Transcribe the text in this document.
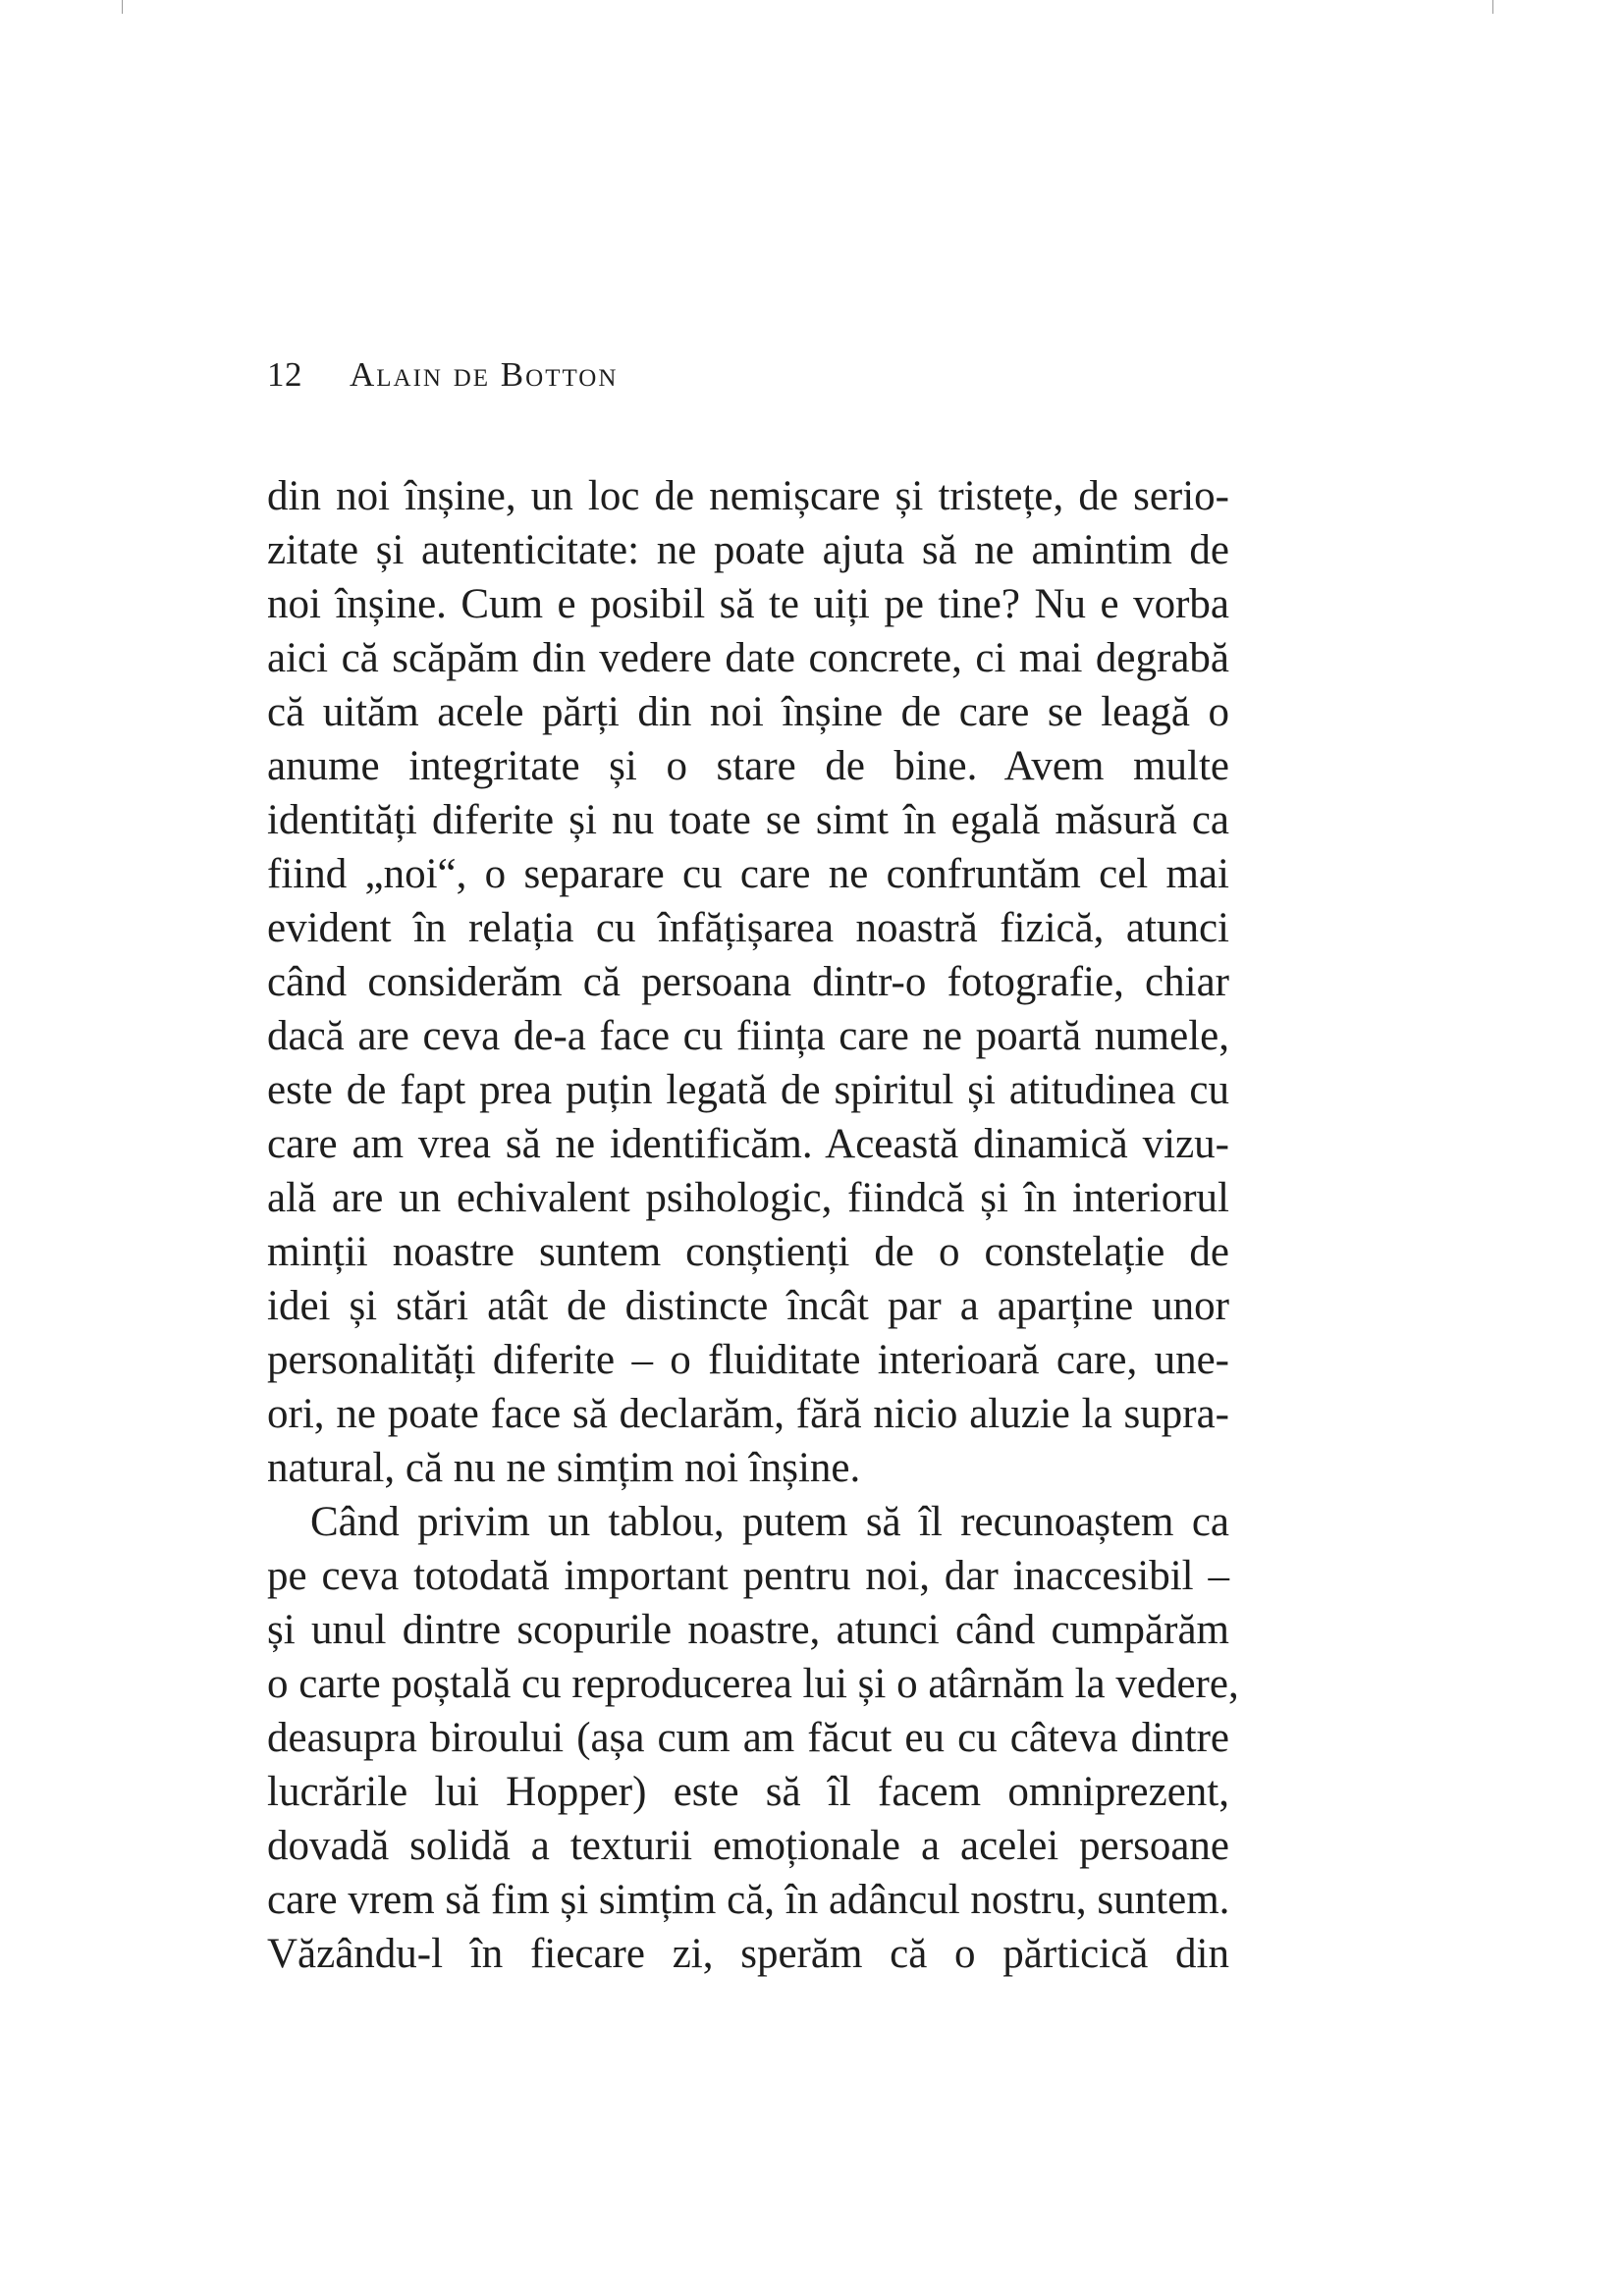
12 Alain de Botton
din noi înșine, un loc de nemișcare și tristețe, de serio-
zitate și autenticitate: ne poate ajuta să ne amintim de
noi înșine. Cum e posibil să te uiți pe tine? Nu e vorba
aici că scăpăm din vedere date concrete, ci mai degrabă
că uităm acele părți din noi înșine de care se leagă o
anume integritate și o stare de bine. Avem multe
identități diferite și nu toate se simt în egală măsură ca
fiind „noi“, o separare cu care ne confruntăm cel mai
evident în relația cu înfățișarea noastră fizică, atunci
când considerăm că persoana dintr-o fotografie, chiar
dacă are ceva de-a face cu ființa care ne poartă numele,
este de fapt prea puțin legată de spiritul și atitudinea cu
care am vrea să ne identificăm. Această dinamică vizu-
ală are un echivalent psihologic, fiindcă și în interiorul
minții noastre suntem conștienți de o constelație de
idei și stări atât de distincte încât par a aparține unor
personalități diferite – o fluiditate interioară care, une-
ori, ne poate face să declarăm, fără nicio aluzie la supra-
natural, că nu ne simțim noi înșine.
Când privim un tablou, putem să îl recunoaștem ca
pe ceva totodată important pentru noi, dar inaccesibil –
și unul dintre scopurile noastre, atunci când cumpărăm
o carte poștală cu reproducerea lui și o atârnăm la vedere,
deasupra biroului (așa cum am făcut eu cu câteva dintre
lucrările lui Hopper) este să îl facem omniprezent,
dovadă solidă a texturii emoționale a acelei persoane
care vrem să fim și simțim că, în adâncul nostru, suntem.
Văzându-l în fiecare zi, sperăm că o părticică din
